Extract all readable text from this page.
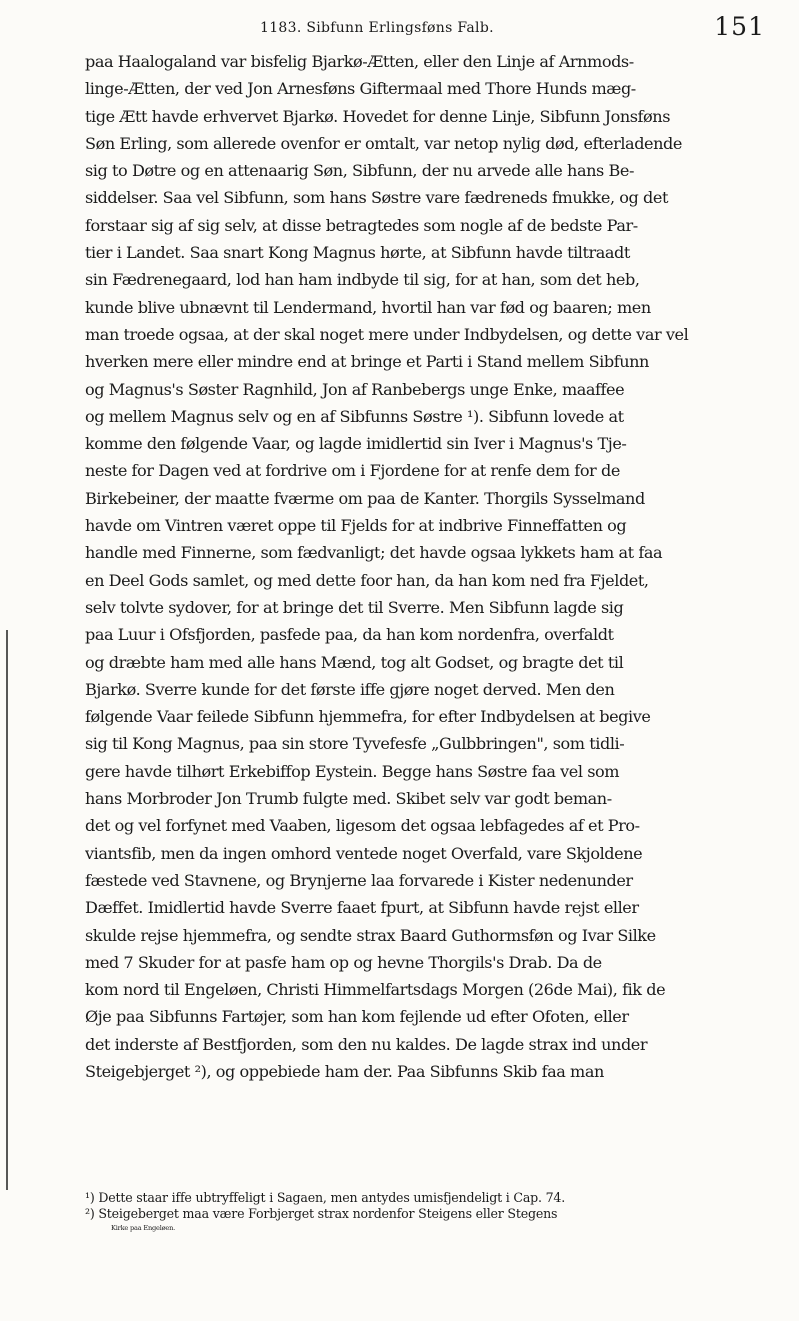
1183. Sibfunn Erlingsføns Falb.	151
paa Haalogaland var bisfelig Bjarkø-Ætten, eller den Linje af Arnmods-
linge-Ætten, der ved Jon Arnesføns Giftermaal med Thore Hunds mæg-
tige Ætt havde erhvervet Bjarkø. Hovedet for denne Linje, Sibfunn Jonsføns
Søn Erling, som allerede ovenfor er omtalt, var netop nylig død, efterladende
sig to Døtre og en attenaarig Søn, Sibfunn, der nu arvede alle hans Be-
siddelser. Saa vel Sibfunn, som hans Søstre vare fædreneds fmukke, og det
forstaar sig af sig selv, at disse betragtedes som nogle af de bedste Par-
tier i Landet. Saa snart Kong Magnus hørte, at Sibfunn havde tiltraadt
sin Fædrenegaard, lod han ham indbyde til sig, for at han, som det heb,
kunde blive ubnævnt til Lendermand, hvortil han var fød og baaren; men
man troede ogsaa, at der skal noget mere under Indbydelsen, og dette var vel
hverken mere eller mindre end at bringe et Parti i Stand mellem Sibfunn
og Magnus's Søster Ragnhild, Jon af Ranbebergs unge Enke, maaffee
og mellem Magnus selv og en af Sibfunns Søstre ¹). Sibfunn lovede at
komme den følgende Vaar, og lagde imidlertid sin Iver i Magnus's Tje-
neste for Dagen ved at fordrive om i Fjordene for at renfe dem for de
Birkebeiner, der maatte fværme om paa de Kanter. Thorgils Sysselmand
havde om Vintren været oppe til Fjelds for at indbrive Finneffatten og
handle med Finnerne, som fædvanligt; det havde ogsaa lykkets ham at faa
en Deel Gods samlet, og med dette foor han, da han kom ned fra Fjeldet,
selv tolvte sydover, for at bringe det til Sverre. Men Sibfunn lagde sig
paa Luur i Ofsfjorden, pasfede paa, da han kom nordenfra, overfaldt
og dræbte ham med alle hans Mænd, tog alt Godset, og bragte det til
Bjarkø. Sverre kunde for det første iffe gjøre noget derved. Men den
følgende Vaar feilede Sibfunn hjemmefra, for efter Indbydelsen at begive
sig til Kong Magnus, paa sin store Tyvefesfe „Gulbbringen", som tidli-
gere havde tilhørt Erkebiffop Eystein. Begge hans Søstre faa vel som
hans Morbroder Jon Trumb fulgte med. Skibet selv var godt beman-
det og vel forfynet med Vaaben, ligesom det ogsaa lebfagedes af et Pro-
viantsfib, men da ingen omhord ventede noget Overfald, vare Skjoldene
fæstede ved Stavnene, og Brynjerne laa forvarede i Kister nedenunder
Dæffet. Imidlertid havde Sverre faaet fpurt, at Sibfunn havde rejst eller
skulde rejse hjemmefra, og sendte strax Baard Guthormsføn og Ivar Silke
med 7 Skuder for at pasfe ham op og hevne Thorgils's Drab. Da de
kom nord til Engeløen, Christi Himmelfartsdags Morgen (26de Mai), fik de
Øje paa Sibfunns Fartøjer, som han kom fejlende ud efter Ofoten, eller
det inderste af Bestfjorden, som den nu kaldes. De lagde strax ind under
Steigebjerget ²), og oppebiede ham der. Paa Sibfunns Skib faa man
¹) Dette staar iffe ubtryffeligt i Sagaen, men antydes umisfjendeligt i Cap. 74.
²) Steigeberget maa være Forbjerget strax nordenfor Steigens eller Stegens
Kirke paa Engeløen.
